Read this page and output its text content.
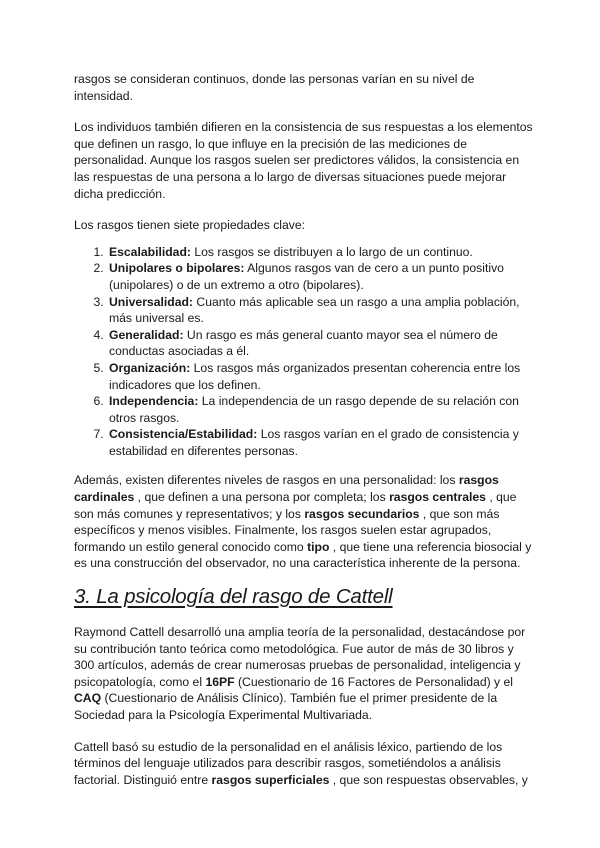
rasgos se consideran continuos, donde las personas varían en su nivel de intensidad.

Los individuos también difieren en la consistencia de sus respuestas a los elementos que definen un rasgo, lo que influye en la precisión de las mediciones de personalidad. Aunque los rasgos suelen ser predictores válidos, la consistencia en las respuestas de una persona a lo largo de diversas situaciones puede mejorar dicha predicción.

Los rasgos tienen siete propiedades clave:

1. Escalabilidad: Los rasgos se distribuyen a lo largo de un continuo.
2. Unipolares o bipolares: Algunos rasgos van de cero a un punto positivo (unipolares) o de un extremo a otro (bipolares).
3. Universalidad: Cuanto más aplicable sea un rasgo a una amplia población, más universal es.
4. Generalidad: Un rasgo es más general cuanto mayor sea el número de conductas asociadas a él.
5. Organización: Los rasgos más organizados presentan coherencia entre los indicadores que los definen.
6. Independencia: La independencia de un rasgo depende de su relación con otros rasgos.
7. Consistencia/Estabilidad: Los rasgos varían en el grado de consistencia y estabilidad en diferentes personas.

Además, existen diferentes niveles de rasgos en una personalidad: los rasgos cardinales , que definen a una persona por completa; los rasgos centrales , que son más comunes y representativos; y los rasgos secundarios , que son más específicos y menos visibles. Finalmente, los rasgos suelen estar agrupados, formando un estilo general conocido como tipo , que tiene una referencia biosocial y es una construcción del observador, no una característica inherente de la persona.

3. La psicología del rasgo de Cattell

Raymond Cattell desarrolló una amplia teoría de la personalidad, destacándose por su contribución tanto teórica como metodológica. Fue autor de más de 30 libros y 300 artículos, además de crear numerosas pruebas de personalidad, inteligencia y psicopatología, como el 16PF (Cuestionario de 16 Factores de Personalidad) y el CAQ (Cuestionario de Análisis Clínico). También fue el primer presidente de la Sociedad para la Psicología Experimental Multivariada.

Cattell basó su estudio de la personalidad en el análisis léxico, partiendo de los términos del lenguaje utilizados para describir rasgos, sometiéndolos a análisis factorial. Distinguió entre rasgos superficiales , que son respuestas observables, y
